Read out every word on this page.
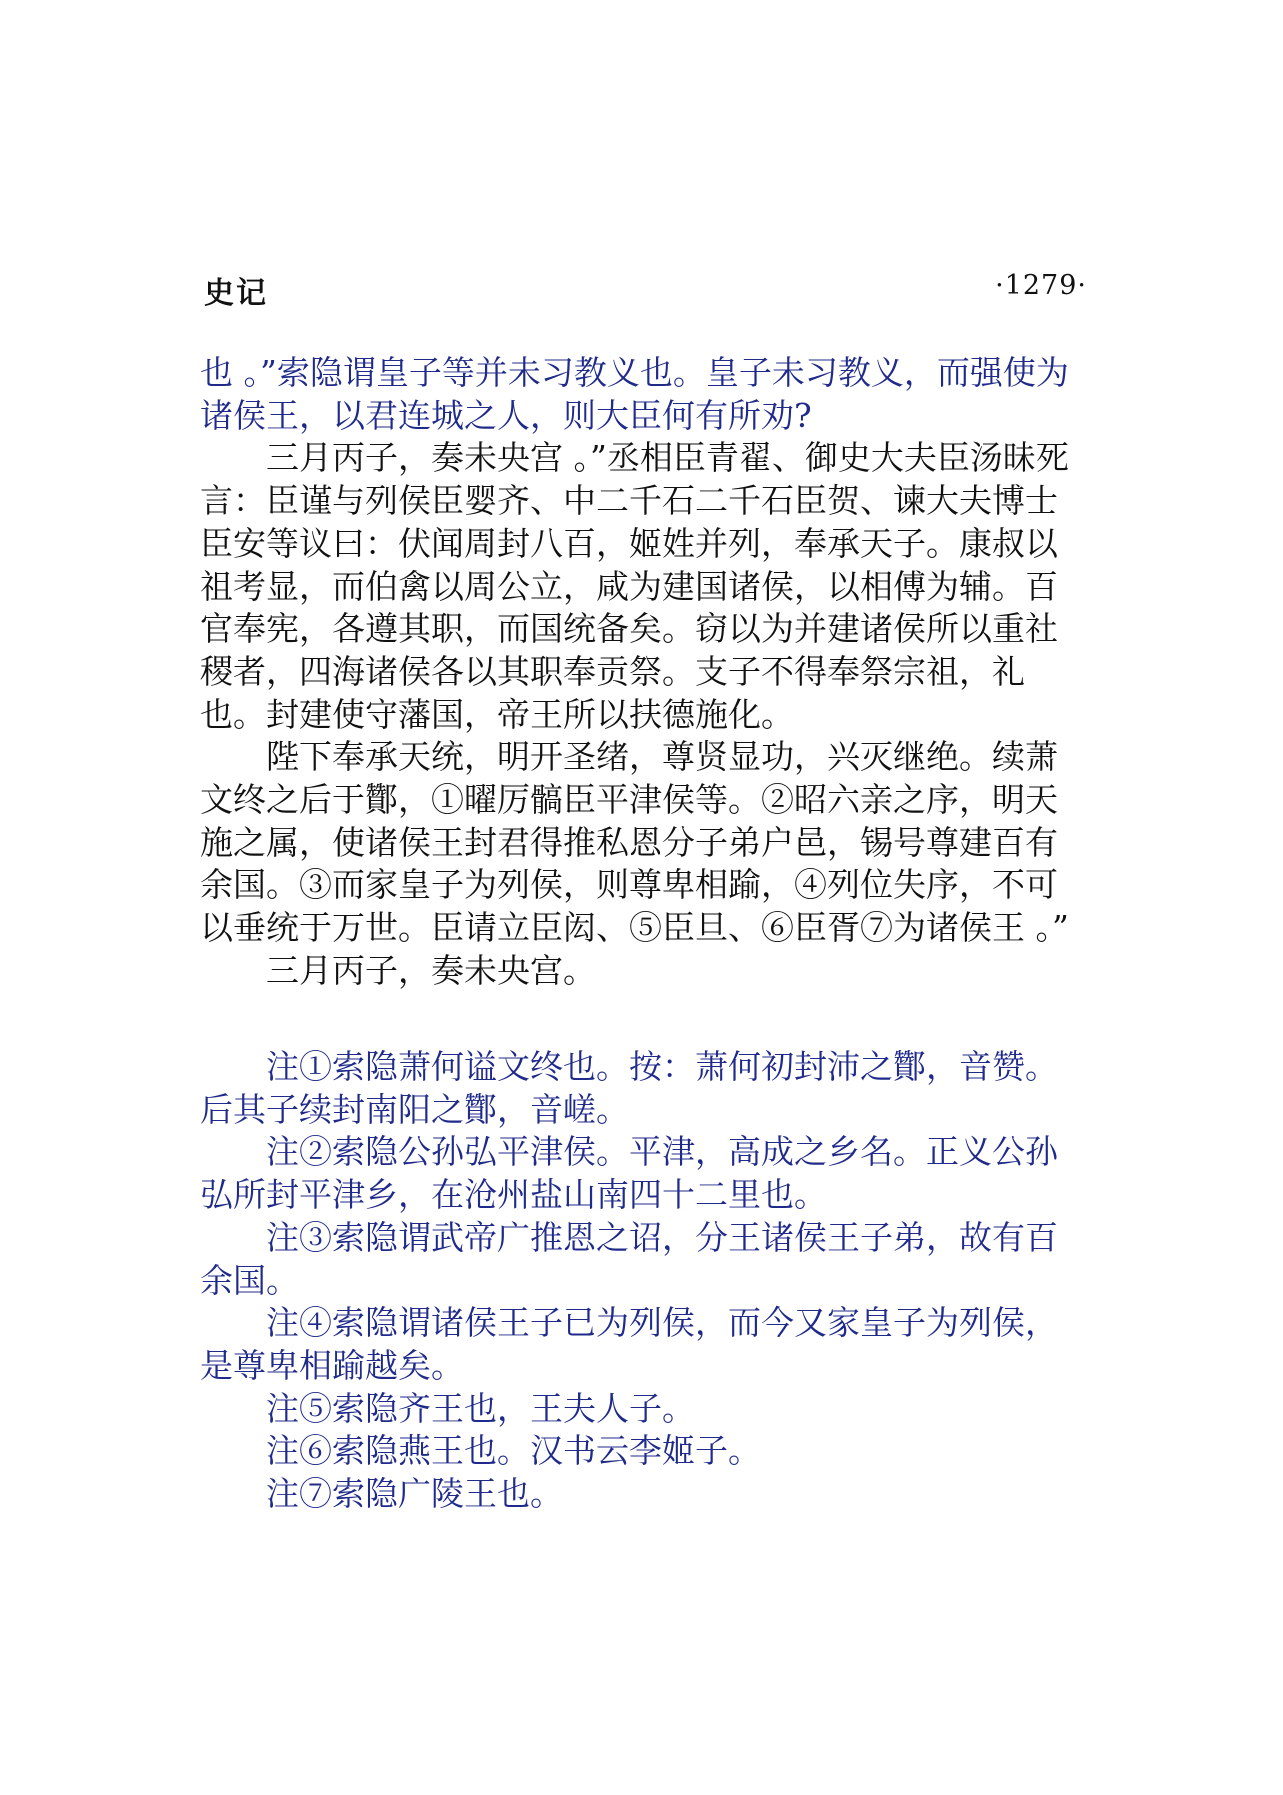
史记	·1279·

也 。”索隐谓皇子等并未习教义也。皇子未习教义，而强使为诸侯王，以君连城之人，则大臣何有所劝?

三月丙子，奏未央宫 。”丞相臣青翟、御史大夫臣汤昧死言：臣谨与列侯臣婴齐、中二千石二千石臣贺、谏大夫博士臣安等议曰：伏闻周封八百，姬姓并列，奉承天子。康叔以祖考显，而伯禽以周公立，咸为建国诸侯，以相傅为辅。百官奉宪，各遵其职，而国统备矣。窃以为并建诸侯所以重社稷者，四海诸侯各以其职奉贡祭。支子不得奉祭宗祖，礼也。封建使守藩国，帝王所以扶德施化。

陛下奉承天统，明开圣绪，尊贤显功，兴灭继绝。续萧文终之后于酇，①曜厉髇臣平津侯等。②昭六亲之序，明天施之属，使诸侯王封君得推私恩分子弟户邑，锡号尊建百有余国。③而家皇子为列侯，则尊卑相踰，④列位失序，不可以垂统于万世。臣请立臣闳、⑤臣旦、⑥臣胥⑦为诸侯王 。”

三月丙子，奏未央宫。

注①索隐萧何谥文终也。按：萧何初封沛之酇，音赞。后其子续封南阳之酇，音嵯。

注②索隐公孙弘平津侯。平津，高成之乡名。正义公孙弘所封平津乡，在沧州盐山南四十二里也。

注③索隐谓武帝广推恩之诏，分王诸侯王子弟，故有百余国。

注④索隐谓诸侯王子已为列侯，而今又家皇子为列侯，是尊卑相踰越矣。

注⑤索隐齐王也，王夫人子。

注⑥索隐燕王也。汉书云李姬子。

注⑦索隐广陵王也。
